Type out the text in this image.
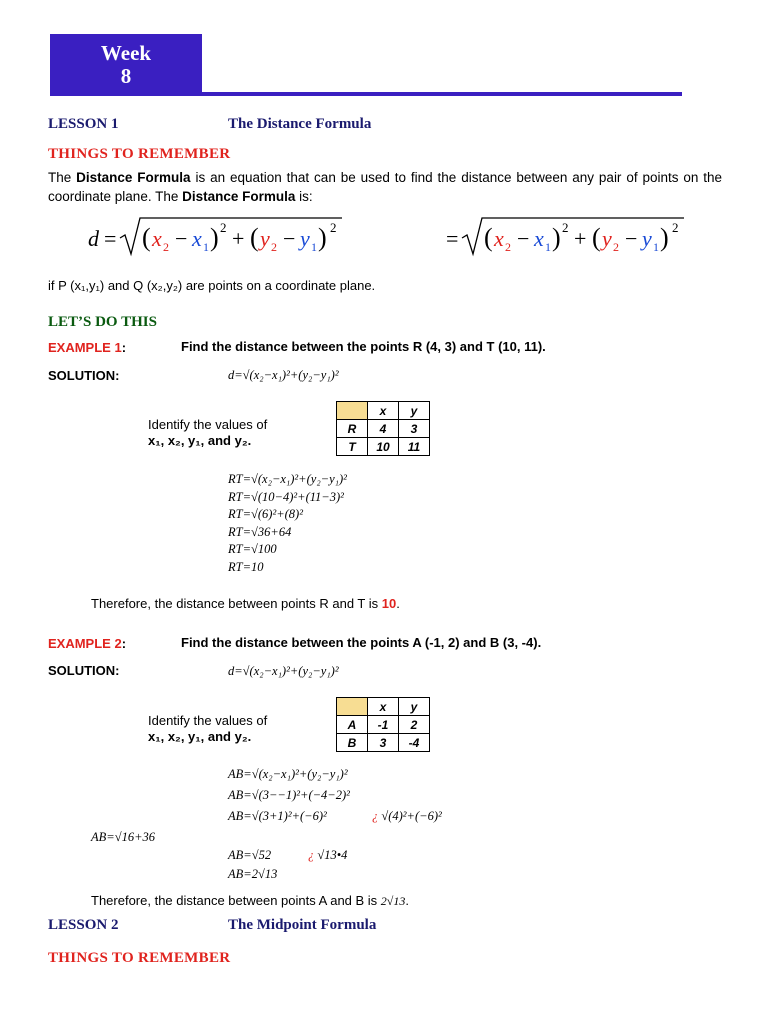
Week
8
LESSON 1	The Distance Formula
THINGS TO REMEMBER
The Distance Formula is an equation that can be used to find the distance between any pair of points on the coordinate plane. The Distance Formula is:
d = ( x 2 − x 1 ) 2 + ( y 2 − y 1 ) 2	= ( x 2 − x 1 ) 2 + ( y 2 − y 1 ) 2
if P (x₁,y₁) and Q (x₂,y₂) are points on a coordinate plane.
LET’S DO THIS
EXAMPLE 1:	Find the distance between the points R (4, 3) and T (10, 11).
SOLUTION:	d=√(x₂−x₁)²+(y₂−y₁)²
Identify the values of
x₁, x₂, y₁, and y₂.
	x	y
R	4	3
T	10	11
RT=√(x₂−x₁)²+(y₂−y₁)²
RT=√(10−4)²+(11−3)²
RT=√(6)²+(8)²
RT=√36+64
RT=√100
RT=10
Therefore, the distance between points R and T is 10.
EXAMPLE 2:	Find the distance between the points A (-1, 2) and B (3, -4).
SOLUTION:	d=√(x₂−x₁)²+(y₂−y₁)²
Identify the values of
x₁, x₂, y₁, and y₂.
	x	y
A	-1	2
B	3	-4
AB=√(x₂−x₁)²+(y₂−y₁)²
AB=√(3−−1)²+(−4−2)²
AB=√(3+1)²+(−6)²	¿ √(4)²+(−6)²
AB=√16+36
AB=√52	¿ √13•4
AB=2√13
Therefore, the distance between points A and B is 2√13.
LESSON 2	The Midpoint Formula
THINGS TO REMEMBER
